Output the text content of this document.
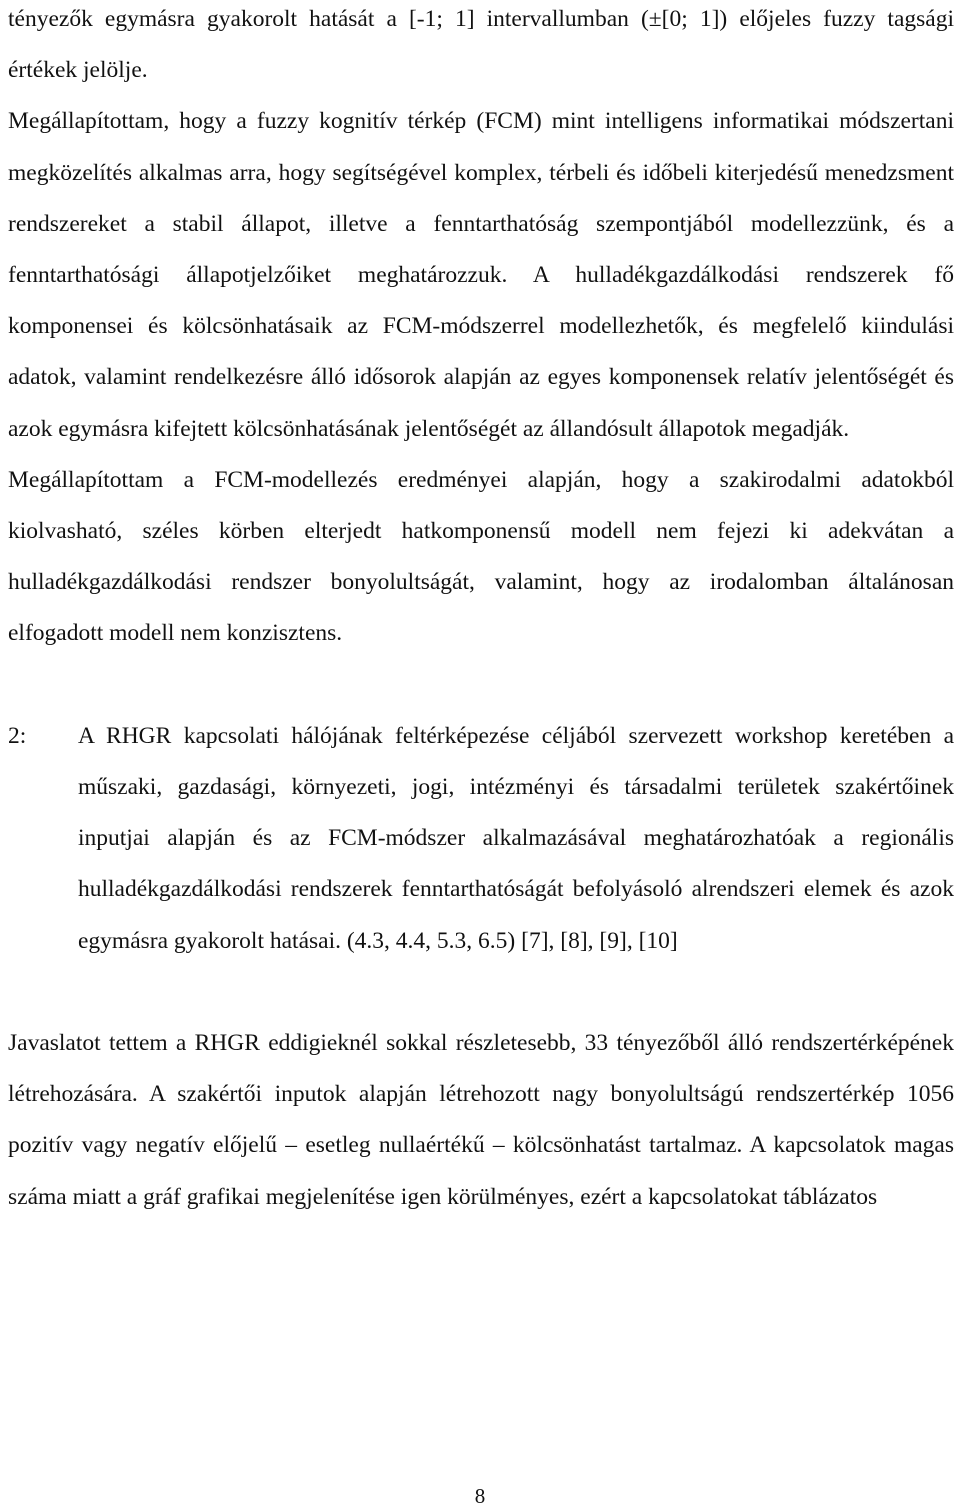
tényezők egymásra gyakorolt hatását a [-1; 1] intervallumban (±[0; 1]) előjeles fuzzy tagsági értékek jelölje.

Megállapítottam, hogy a fuzzy kognitív térkép (FCM) mint intelligens informatikai módszertani megközelítés alkalmas arra, hogy segítségével komplex, térbeli és időbeli kiterjedésű menedzsment rendszereket a stabil állapot, illetve a fenntarthatóság szempontjából modellezzünk, és a fenntarthatósági állapotjelzőiket meghatározzuk. A hulladékgazdálkodási rendszerek fő komponensei és kölcsönhatásaik az FCM-módszerrel modellezhetők, és megfelelő kiindulási adatok, valamint rendelkezésre álló idősorok alapján az egyes komponensek relatív jelentőségét és azok egymásra kifejtett kölcsönhatásának jelentőségét az állandósult állapotok megadják.

Megállapítottam a FCM-modellezés eredményei alapján, hogy a szakirodalmi adatokból kiolvasható, széles körben elterjedt hatkomponensű modell nem fejezi ki adekvátan a hulladékgazdálkodási rendszer bonyolultságát, valamint, hogy az irodalomban általánosan elfogadott modell nem konzisztens.

2:	A RHGR kapcsolati hálójának feltérképezése céljából szervezett workshop keretében a műszaki, gazdasági, környezeti, jogi, intézményi és társadalmi területek szakértőinek inputjai alapján és az FCM-módszer alkalmazásával meghatározhatóak a regionális hulladékgazdálkodási rendszerek fenntarthatóságát befolyásoló alrendszeri elemek és azok egymásra gyakorolt hatásai. (4.3, 4.4, 5.3, 6.5) [7], [8], [9], [10]

Javaslatot tettem a RHGR eddigieknél sokkal részletesebb, 33 tényezőből álló rendszertérképének létrehozására. A szakértői inputok alapján létrehozott nagy bonyolultságú rendszertérkép 1056 pozitív vagy negatív előjelű – esetleg nullaértékű – kölcsönhatást tartalmaz. A kapcsolatok magas száma miatt a gráf grafikai megjelenítése igen körülményes, ezért a kapcsolatokat táblázatos

8
